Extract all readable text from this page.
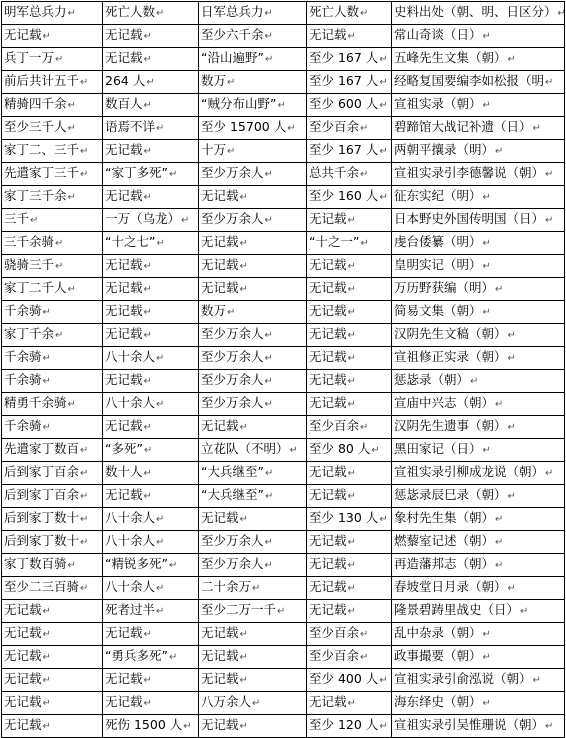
明军总兵力↵	死亡人数↵	日军总兵力↵	死亡人数↵	史料出处（朝、明、日区分）↵
无记载↵	无记载↵	至少六千余↵	无记载↵	常山奇谈（日）↵
兵丁一万↵	无记载↵	“沿山遍野”↵	至少 167 人↵	五峰先生文集（朝）↵
前后共计五千↵	264 人↵	数万↵	至少 167 人↵	经略复国要编李如松报（明↵
精骑四千余↵	数百人↵	“贼分布山野”↵	至少 600 人↵	宣祖实录（朝）↵
至少三千人↵	语焉不详↵	至少 15700 人↵	至少百余↵	碧蹄馆大战记补遗（日）↵
家丁二、三千↵	无记载↵	十万↵	至少 167 人↵	两朝平攘录（明）↵
先遣家丁三千↵	“家丁多死”↵	至少万余人↵	总共千余↵	宣祖实录引李德馨说（朝）↵
家丁三千余↵	无记载↵	无记载↵	至少 160 人↵	征东实纪（明）↵
三千↵	一万（乌龙）↵	至少万余人↵	无记载↵	日本野史外国传明国（日）↵
三千余骑↵	“十之七”↵	无记载↵	“十之一”↵	虔台倭纂（明）↵
骁骑三千↵	无记载↵	无记载↵	无记载↵	皇明实记（明）↵
家丁二千人↵	无记载↵	无记载↵	无记载↵	万历野获编（明）↵
千余骑↵	无记载↵	数万↵	无记载↵	简易文集（朝）↵
家丁千余↵	无记载↵	至少万余人↵	无记载↵	汉阴先生文稿（朝）↵
千余骑↵	八十余人↵	至少万余人↵	无记载↵	宣祖修正实录（朝）↵
千余骑↵	无记载↵	至少万余人↵	无记载↵	惩毖录（朝）↵
精勇千余骑↵	八十余人↵	至少万余人↵	无记载↵	宣庙中兴志（朝）↵
千余骑↵	无记载↵	无记载↵	至少百余↵	汉阴先生遗事（朝）↵
先遣家丁数百↵	“多死”↵	立花队（不明）↵	至少 80 人↵	黑田家记（日）↵
后到家丁百余↵	数十人↵	“大兵继至”↵	无记载↵	宣祖实录引柳成龙说（朝）↵
后到家丁百余↵	无记载↵	“大兵继至”↵	无记载↵	惩毖录辰巳录（朝）↵
后到家丁数十↵	八十余人↵	无记载↵	至少 130 人↵	象村先生集（朝）↵
后到家丁数十↵	八十余人↵	至少万余人↵	无记载↵	燃藜室记述（朝）↵
家丁数百骑↵	“精锐多死”↵	至少万余人↵	无记载↵	再造藩邦志（朝）↵
至少二三百骑↵	八十余人↵	二十余万↵	无记载↵	春坡堂日月录（朝）↵
无记载↵	死者过半↵	至少二万一千↵	无记载↵	隆景碧踌里战史（日）↵
无记载↵	无记载↵	无记载↵	至少百余↵	乱中杂录（朝）↵
无记载↵	“勇兵多死”↵	无记载↵	至少百余↵	政事撮要（朝）↵
无记载↵	无记载↵	无记载↵	至少 400 人↵	宣祖实录引俞泓说（朝）↵
无记载↵	无记载↵	八万余人↵	无记载↵	海东绎史（朝）↵
无记载↵	死伤 1500 人↵	无记载↵	至少 120 人↵	宣祖实录引吴惟珊说（朝）↵
